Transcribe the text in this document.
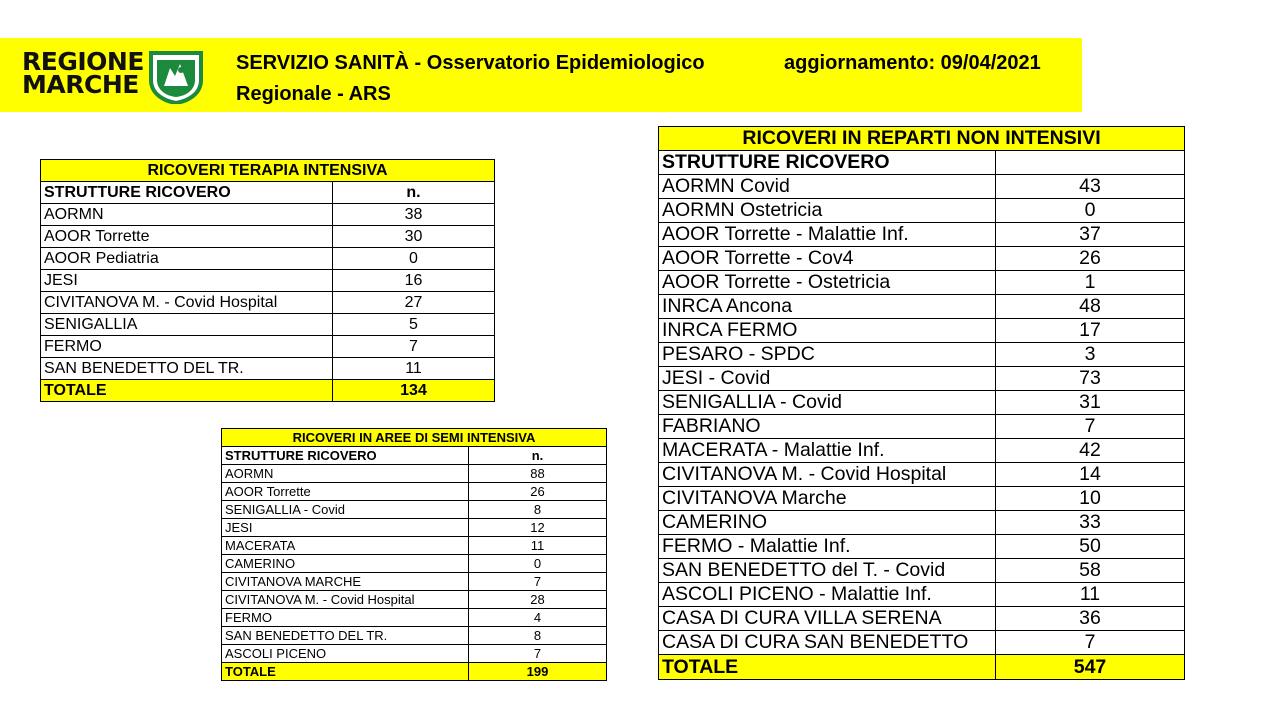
REGIONE
MARCHE
SERVIZIO SANITÀ - Osservatorio Epidemiologico
Regionale - ARS
aggiornamento: 09/04/2021
RICOVERI TERAPIA INTENSIVA	
STRUTTURE RICOVERO	n.
AORMN	38
AOOR Torrette	30
AOOR Pediatria	0
JESI	16
CIVITANOVA M. - Covid Hospital	27
SENIGALLIA	5
FERMO	7
SAN BENEDETTO DEL TR.	11
TOTALE	134
RICOVERI IN AREE DI SEMI INTENSIVA	
STRUTTURE RICOVERO	n.
AORMN	88
AOOR Torrette	26
SENIGALLIA - Covid	8
JESI	12
MACERATA	11
CAMERINO	0
CIVITANOVA MARCHE	7
CIVITANOVA M. - Covid Hospital	28
FERMO	4
SAN BENEDETTO DEL TR.	8
ASCOLI PICENO	7
TOTALE	199
RICOVERI IN REPARTI NON INTENSIVI	
STRUTTURE RICOVERO	
AORMN Covid	43
AORMN Ostetricia	0
AOOR Torrette - Malattie Inf.	37
AOOR Torrette - Cov4	26
AOOR Torrette - Ostetricia	1
INRCA Ancona	48
INRCA FERMO	17
PESARO - SPDC	3
JESI - Covid	73
SENIGALLIA - Covid	31
FABRIANO	7
MACERATA - Malattie Inf.	42
CIVITANOVA M. - Covid Hospital	14
CIVITANOVA Marche	10
CAMERINO	33
FERMO - Malattie Inf.	50
SAN BENEDETTO del T. - Covid	58
ASCOLI PICENO - Malattie Inf.	11
CASA DI CURA VILLA SERENA	36
CASA DI CURA SAN BENEDETTO	7
TOTALE	547
